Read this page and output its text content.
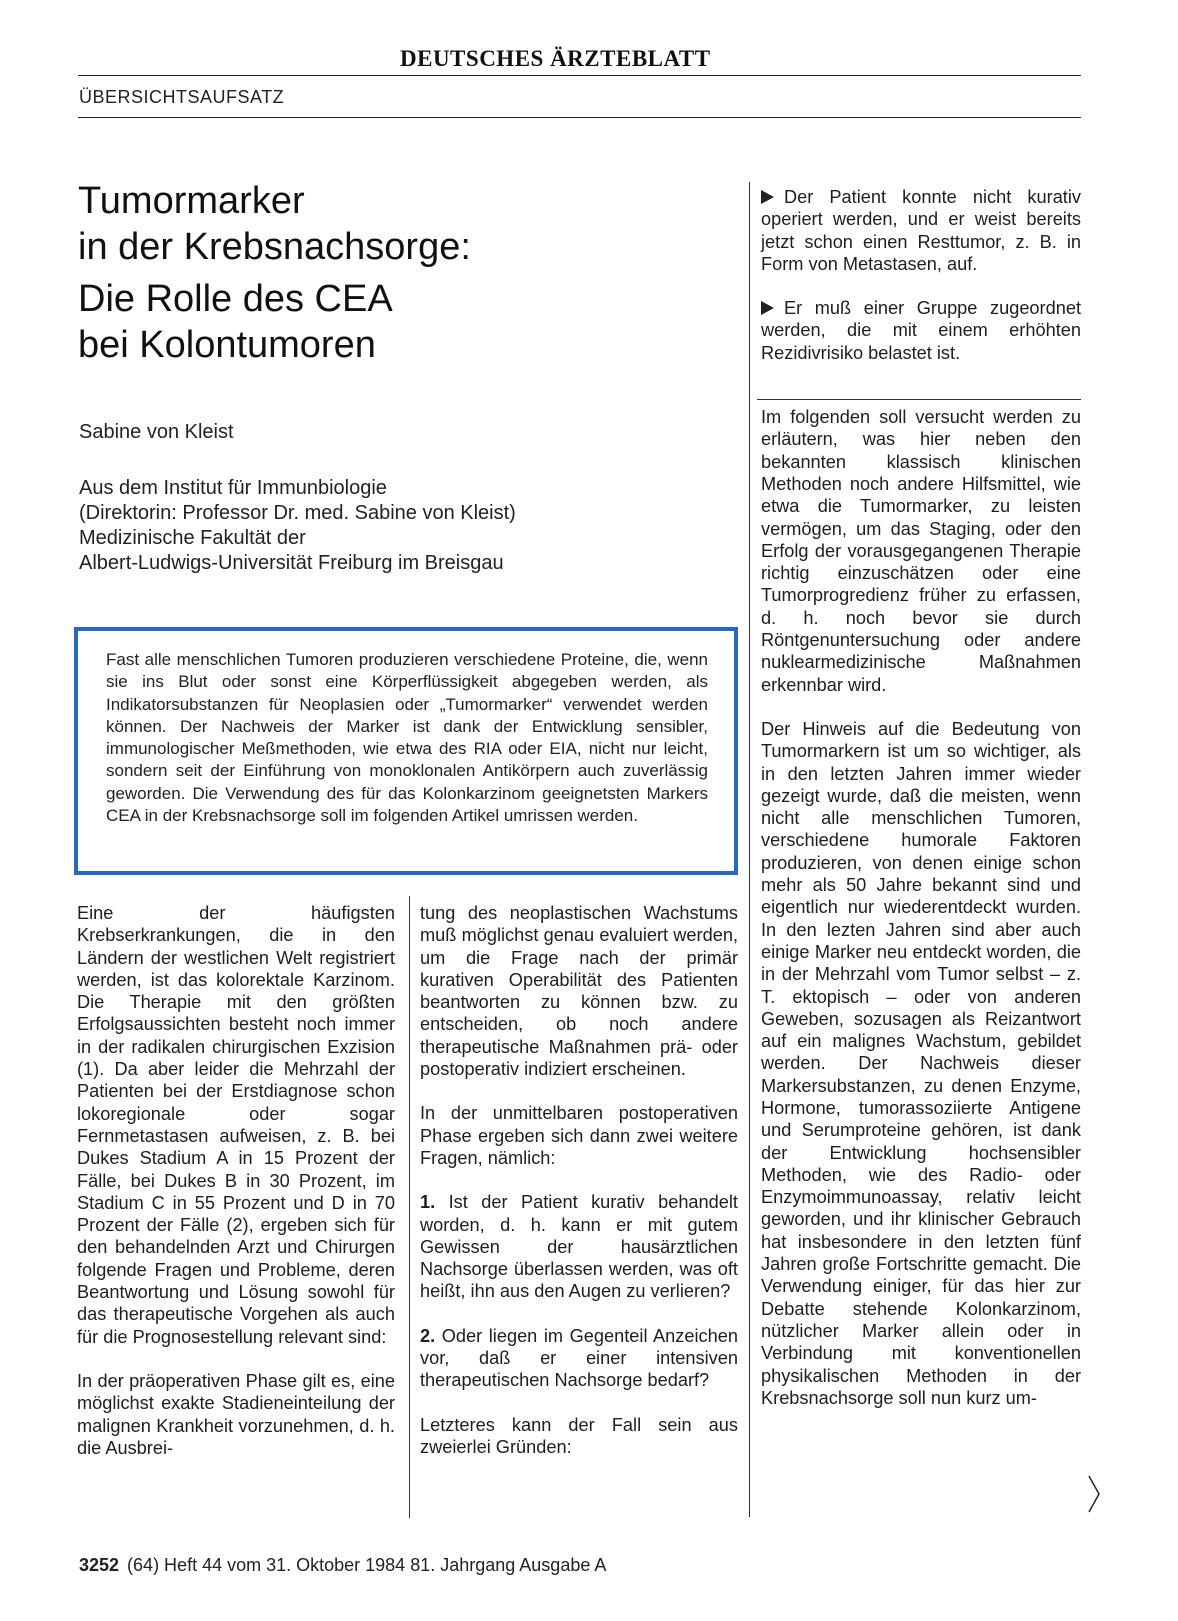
DEUTSCHES ÄRZTEBLATT
ÜBERSICHTSAUFSATZ
Tumormarker
in der Krebsnachsorge:
Die Rolle des CEA
bei Kolontumoren
Sabine von Kleist
Aus dem Institut für Immunbiologie
(Direktorin: Professor Dr. med. Sabine von Kleist)
Medizinische Fakultät der
Albert-Ludwigs-Universität Freiburg im Breisgau

Fast alle menschlichen Tumoren produzieren verschiedene Proteine, die, wenn sie ins Blut oder sonst eine Körperflüssigkeit abgegeben werden, als Indikatorsubstanzen für Neoplasien oder „Tumormarker“ verwendet werden können. Der Nachweis der Marker ist dank der Entwicklung sensibler, immunologischer Meßmethoden, wie etwa des RIA oder EIA, nicht nur leicht, sondern seit der Einführung von monoklonalen Antikörpern auch zuverlässig geworden. Die Verwendung des für das Kolonkarzinom geeignetsten Markers CEA in der Krebsnachsorge soll im folgenden Artikel umrissen werden.

Eine der häufigsten Krebserkrankungen, die in den Ländern der westlichen Welt registriert werden, ist das kolorektale Karzinom. Die Therapie mit den größten Erfolgsaussichten besteht noch immer in der radikalen chirurgischen Exzision (1). Da aber leider die Mehrzahl der Patienten bei der Erstdiagnose schon lokoregionale oder sogar Fernmetastasen aufweisen, z. B. bei Dukes Stadium A in 15 Prozent der Fälle, bei Dukes B in 30 Prozent, im Stadium C in 55 Prozent und D in 70 Prozent der Fälle (2), ergeben sich für den behandelnden Arzt und Chirurgen folgende Fragen und Probleme, deren Beantwortung und Lösung sowohl für das therapeutische Vorgehen als auch für die Prognosestellung relevant sind:

In der präoperativen Phase gilt es, eine möglichst exakte Stadieneinteilung der malignen Krankheit vorzunehmen, d. h. die Ausbrei-

tung des neoplastischen Wachstums muß möglichst genau evaluiert werden, um die Frage nach der primär kurativen Operabilität des Patienten beantworten zu können bzw. zu entscheiden, ob noch andere therapeutische Maßnahmen prä- oder postoperativ indiziert erscheinen.

In der unmittelbaren postoperativen Phase ergeben sich dann zwei weitere Fragen, nämlich:

1. Ist der Patient kurativ behandelt worden, d. h. kann er mit gutem Gewissen der hausärztlichen Nachsorge überlassen werden, was oft heißt, ihn aus den Augen zu verlieren?

2. Oder liegen im Gegenteil Anzeichen vor, daß er einer intensiven therapeutischen Nachsorge bedarf?

Letzteres kann der Fall sein aus zweierlei Gründen:

Der Patient konnte nicht kurativ operiert werden, und er weist bereits jetzt schon einen Resttumor, z. B. in Form von Metastasen, auf.

Er muß einer Gruppe zugeordnet werden, die mit einem erhöhten Rezidivrisiko belastet ist.

Im folgenden soll versucht werden zu erläutern, was hier neben den bekannten klassisch klinischen Methoden noch andere Hilfsmittel, wie etwa die Tumormarker, zu leisten vermögen, um das Staging, oder den Erfolg der vorausgegangenen Therapie richtig einzuschätzen oder eine Tumorprogredienz früher zu erfassen, d. h. noch bevor sie durch Röntgenuntersuchung oder andere nuklearmedizinische Maßnahmen erkennbar wird.

Der Hinweis auf die Bedeutung von Tumormarkern ist um so wichtiger, als in den letzten Jahren immer wieder gezeigt wurde, daß die meisten, wenn nicht alle menschlichen Tumoren, verschiedene humorale Faktoren produzieren, von denen einige schon mehr als 50 Jahre bekannt sind und eigentlich nur wiederentdeckt wurden. In den lezten Jahren sind aber auch einige Marker neu entdeckt worden, die in der Mehrzahl vom Tumor selbst – z. T. ektopisch – oder von anderen Geweben, sozusagen als Reizantwort auf ein malignes Wachstum, gebildet werden. Der Nachweis dieser Markersubstanzen, zu denen Enzyme, Hormone, tumorassoziierte Antigene und Serumproteine gehören, ist dank der Entwicklung hochsensibler Methoden, wie des Radio- oder Enzymoimmunoassay, relativ leicht geworden, und ihr klinischer Gebrauch hat insbesondere in den letzten fünf Jahren große Fortschritte gemacht. Die Verwendung einiger, für das hier zur Debatte stehende Kolonkarzinom, nützlicher Marker allein oder in Verbindung mit konventionellen physikalischen Methoden in der Krebsnachsorge soll nun kurz um-

3252 (64) Heft 44 vom 31. Oktober 1984 81. Jahrgang Ausgabe A
